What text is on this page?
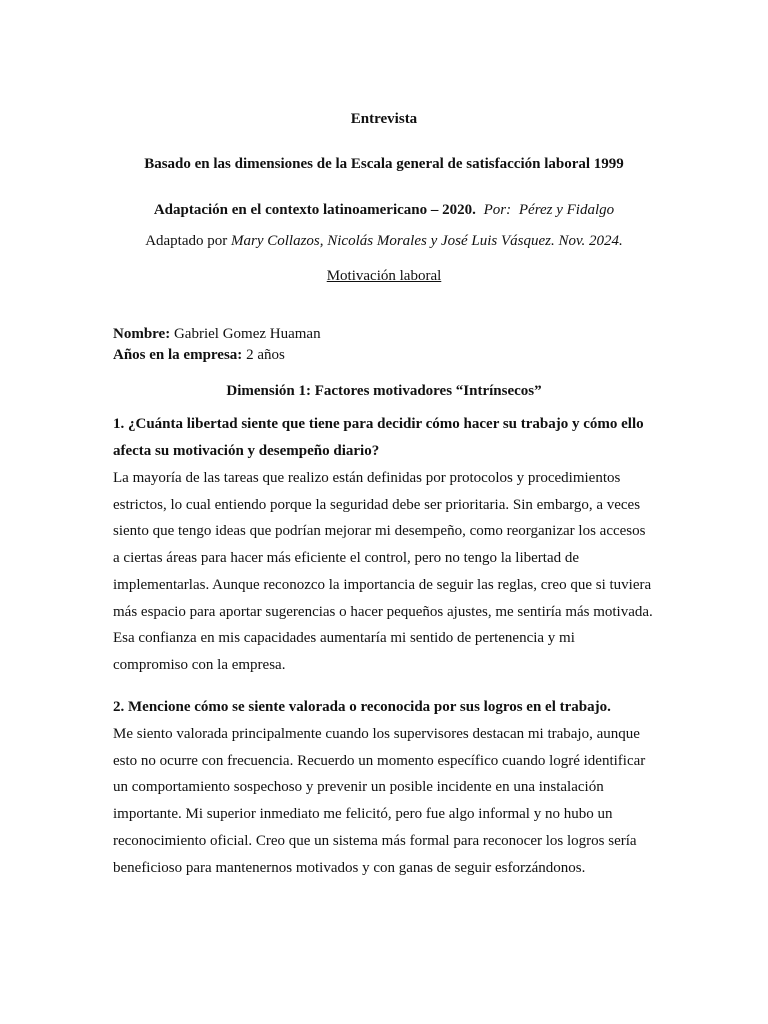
Entrevista
Basado en las dimensiones de la Escala general de satisfacción laboral 1999
Adaptación en el contexto latinoamericano – 2020. Por: Pérez y Fidalgo
Adaptado por Mary Collazos, Nicolás Morales y José Luis Vásquez. Nov. 2024.
Motivación laboral
Nombre: Gabriel Gomez Huaman
Años en la empresa: 2 años
Dimensión 1: Factores motivadores “Intrínsecos”
1. ¿Cuánta libertad siente que tiene para decidir cómo hacer su trabajo y cómo ello
afecta su motivación y desempeño diario?
La mayoría de las tareas que realizo están definidas por protocolos y procedimientos
estrictos, lo cual entiendo porque la seguridad debe ser prioritaria. Sin embargo, a veces
siento que tengo ideas que podrían mejorar mi desempeño, como reorganizar los accesos
a ciertas áreas para hacer más eficiente el control, pero no tengo la libertad de
implementarlas. Aunque reconozco la importancia de seguir las reglas, creo que si tuviera
más espacio para aportar sugerencias o hacer pequeños ajustes, me sentiría más motivada.
Esa confianza en mis capacidades aumentaría mi sentido de pertenencia y mi
compromiso con la empresa.
2. Mencione cómo se siente valorada o reconocida por sus logros en el trabajo.
Me siento valorada principalmente cuando los supervisores destacan mi trabajo, aunque
esto no ocurre con frecuencia. Recuerdo un momento específico cuando logré identificar
un comportamiento sospechoso y prevenir un posible incidente en una instalación
importante. Mi superior inmediato me felicitó, pero fue algo informal y no hubo un
reconocimiento oficial. Creo que un sistema más formal para reconocer los logros sería
beneficioso para mantenernos motivados y con ganas de seguir esforzándonos.
